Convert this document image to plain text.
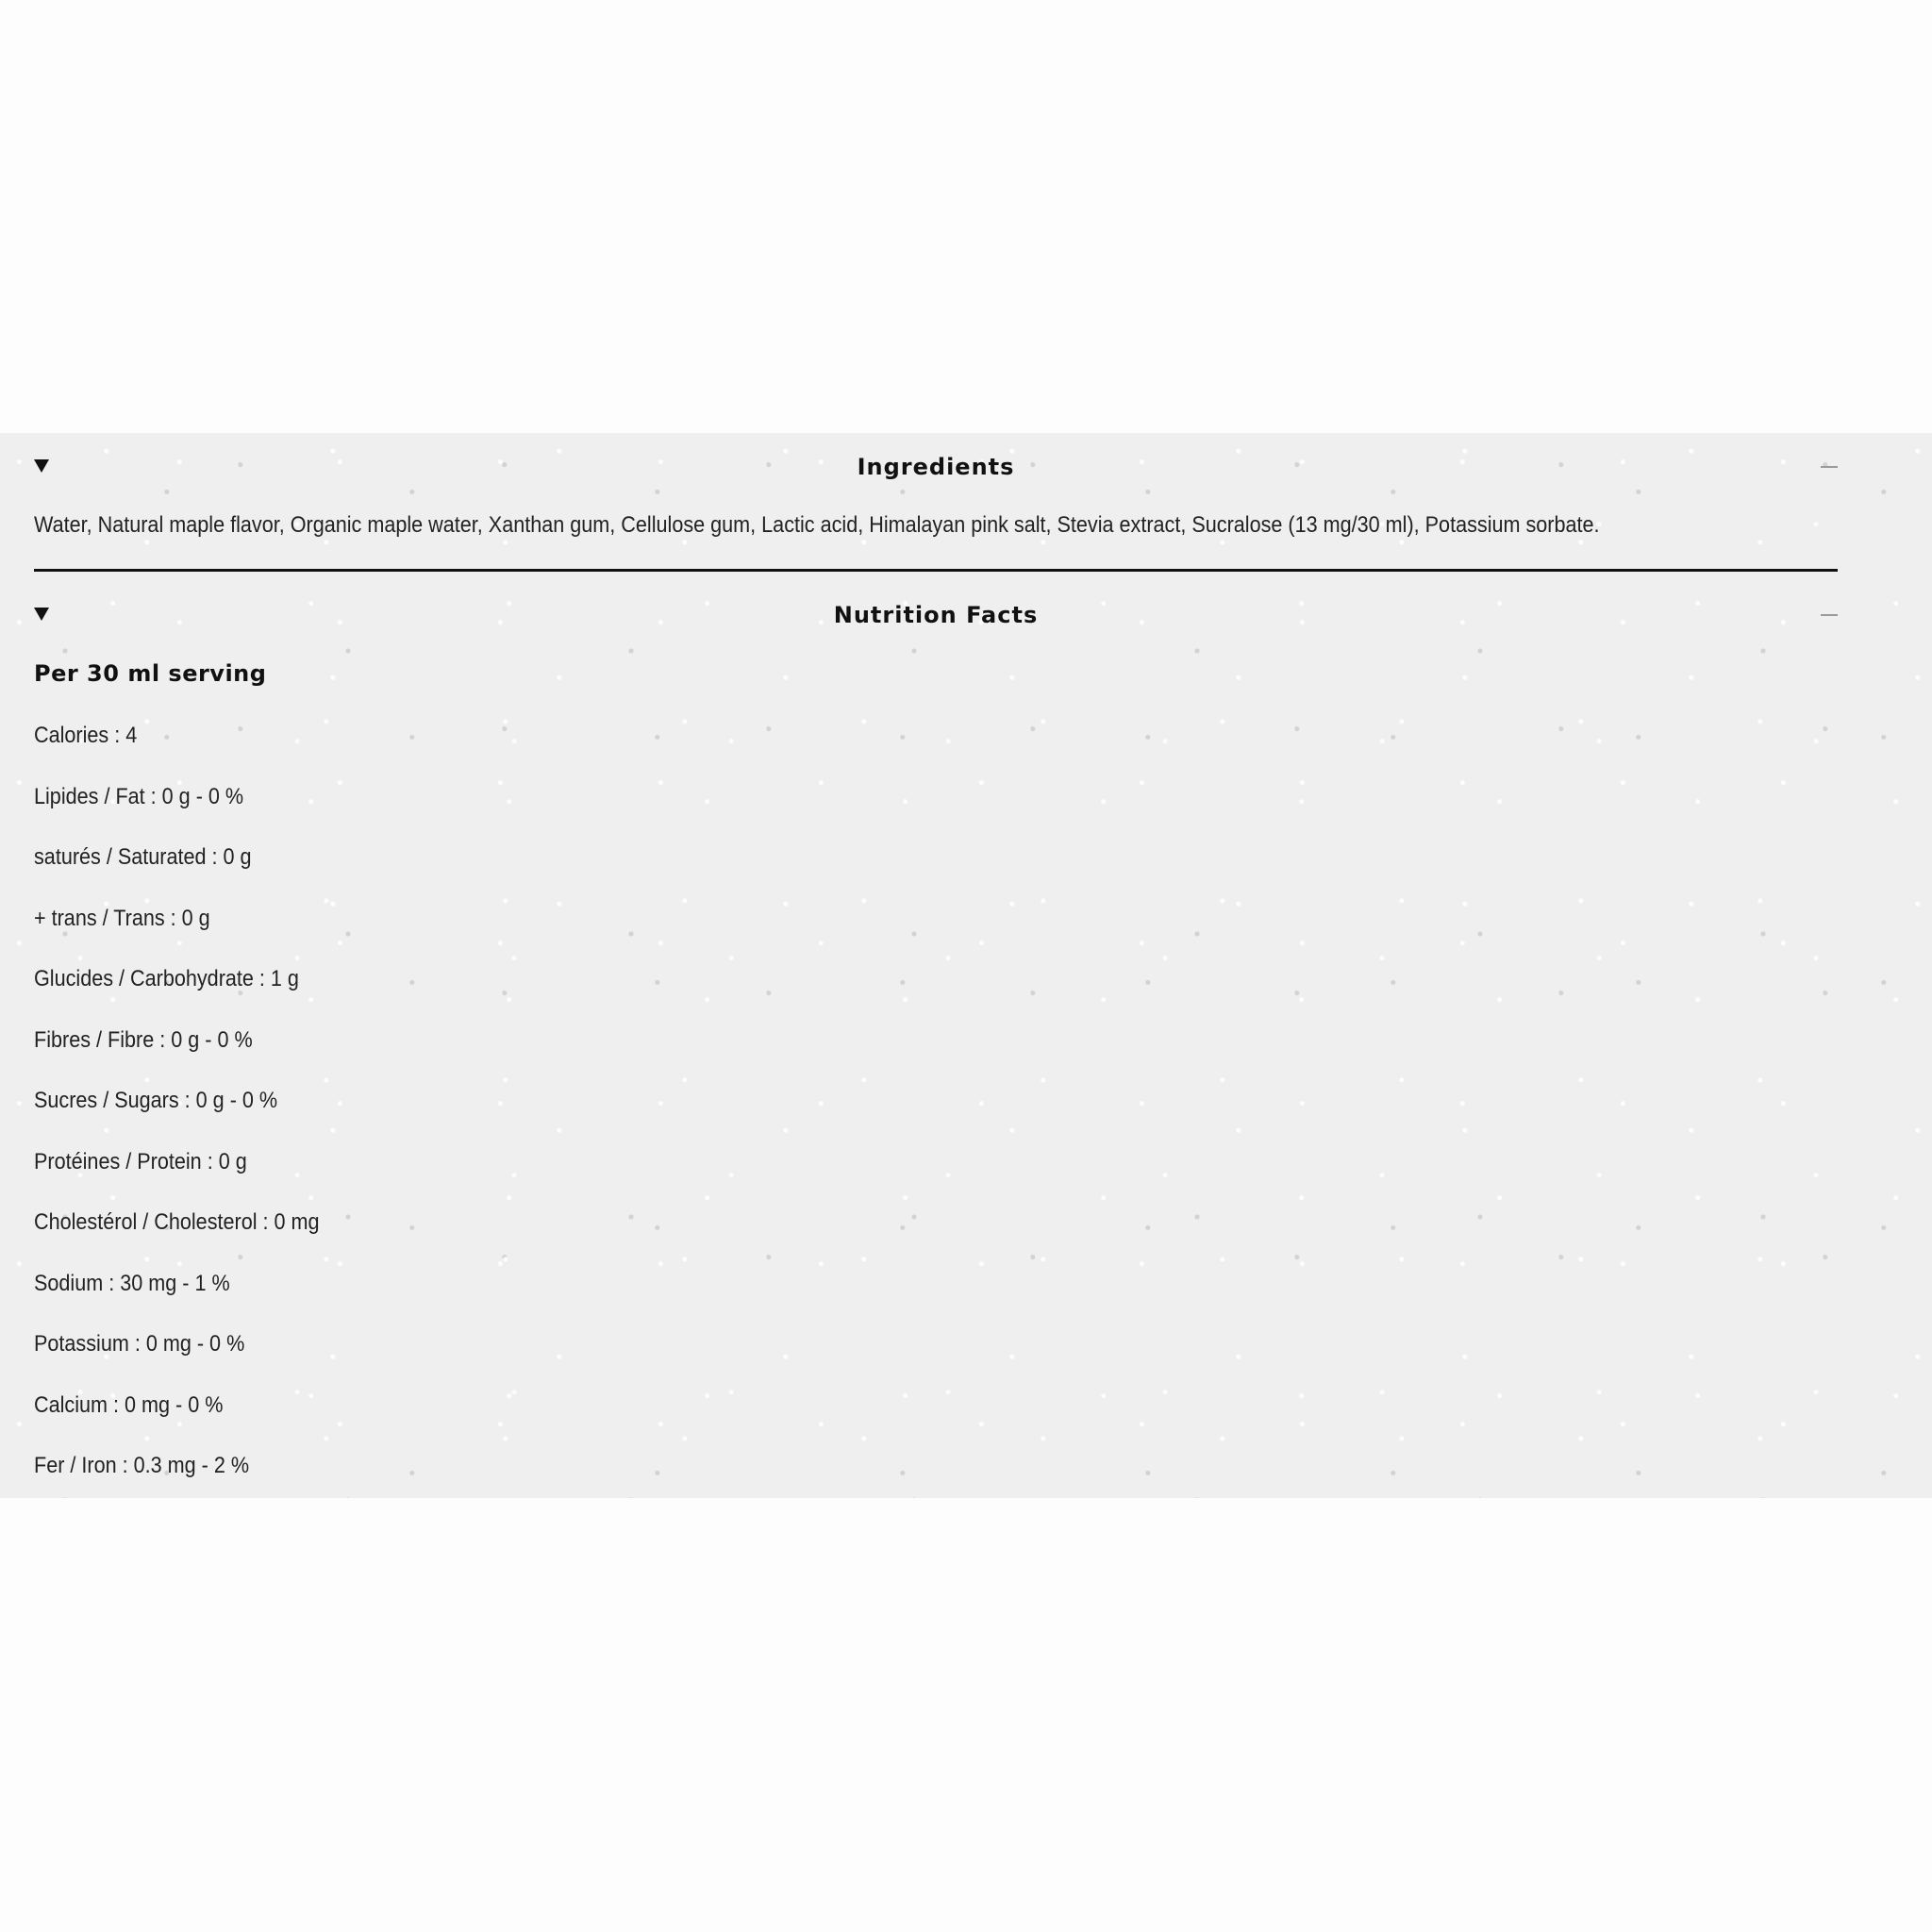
Ingredients
Water, Natural maple flavor, Organic maple water, Xanthan gum, Cellulose gum, Lactic acid, Himalayan pink salt, Stevia extract, Sucralose (13 mg/30 ml), Potassium sorbate.
Nutrition Facts
Per 30 ml serving
Calories : 4
Lipides / Fat : 0 g - 0 %
saturés / Saturated : 0 g
+ trans / Trans : 0 g
Glucides / Carbohydrate : 1 g
Fibres / Fibre : 0 g - 0 %
Sucres / Sugars : 0 g - 0 %
Protéines / Protein : 0 g
Cholestérol / Cholesterol : 0 mg
Sodium : 30 mg - 1 %
Potassium : 0 mg - 0 %
Calcium : 0 mg - 0 %
Fer / Iron : 0.3 mg - 2 %
